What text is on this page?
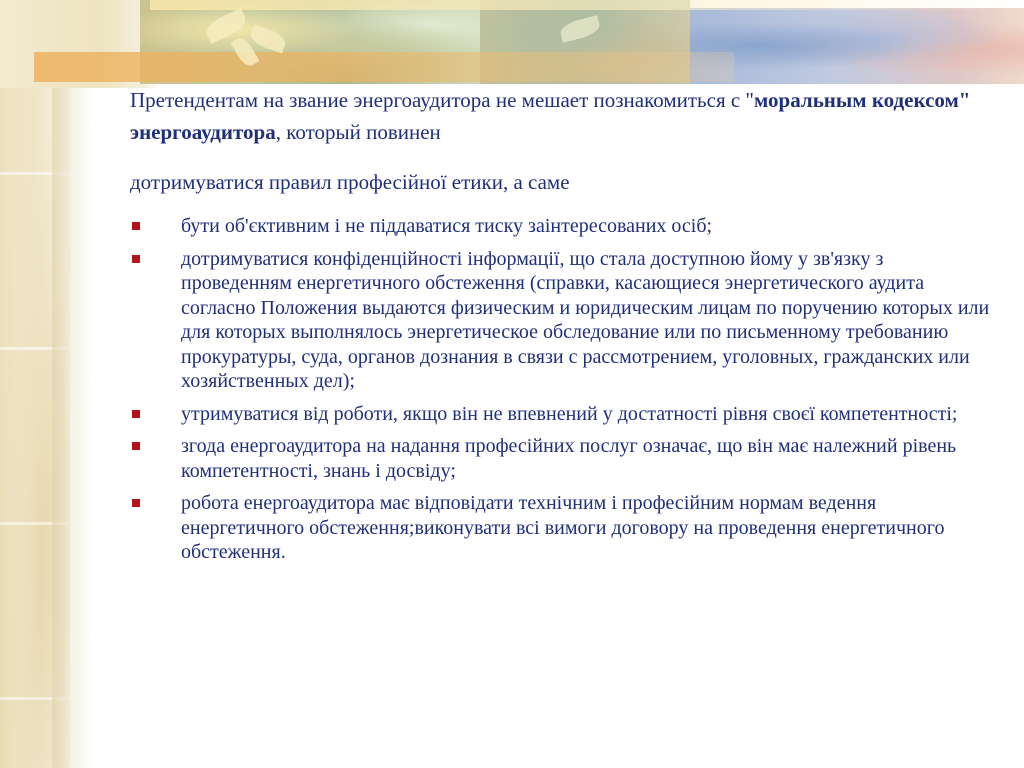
Претендентам на звание энергоаудитора не мешает познакомиться с "моральным кодексом" энергоаудитора, который повинен

дотримуватися правил професійної етики, а саме

бути об'єктивним і не піддаватися тиску заінтересованих осіб;
дотримуватися конфіденційності інформації, що стала доступною йому у зв'язку з проведенням енергетичного обстеження (справки, касающиеся энергетического аудита согласно Положения выдаются физическим и юридическим лицам по поручению которых или для которых выполнялось энергетическое обследование или по письменному требованию прокуратуры, суда, органов дознания в связи с рассмотрением, уголовных, гражданских или хозяйственных дел);
утримуватися від роботи, якщо він не впевнений у достатності рівня своєї компетентності;
згода енергоаудитора на надання професійних послуг означає, що він має належний рівень компетентності, знань і досвіду;
робота енергоаудитора має відповідати технічним і професійним нормам ведення енергетичного обстеження;виконувати всі вимоги договору на проведення енергетичного обстеження.
